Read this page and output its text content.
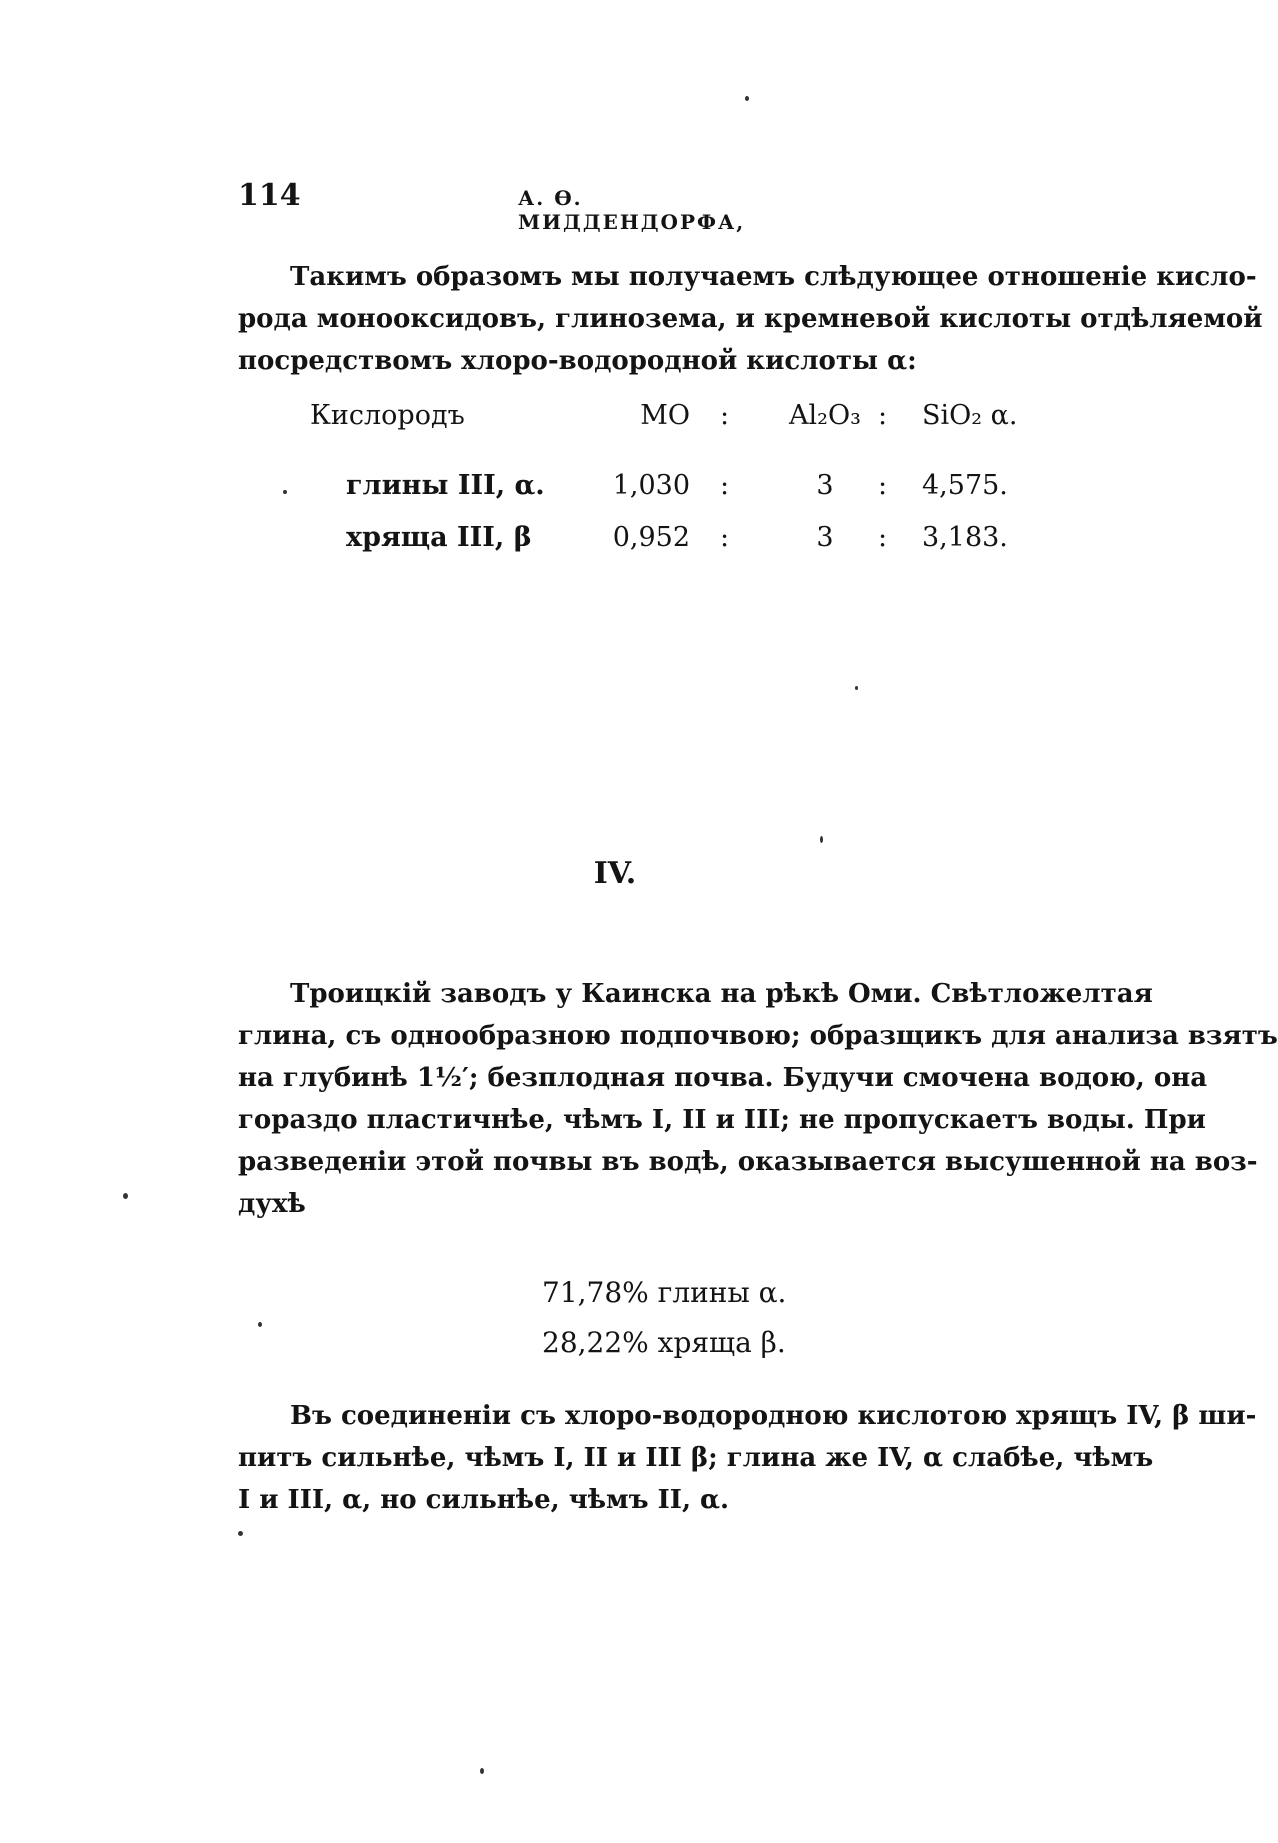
114	А. Ѳ. МИДДЕНДОРФА,
Такимъ образомъ мы получаемъ слѣдующее отношеніе кисло-
рода монооксидовъ, глинозема, и кремневой кислоты отдѣляемой
посредствомъ хлоро-водородной кислоты α:
Кислородъ	MO :	Al₂O₃ : SiO₂ α.
глины III, α.	1,030 :	3	: 4,575.
хряща III, β	0,952 :	3	: 3,183.
IV.
Троицкій заводъ у Каинска на рѣкѣ Оми. Свѣтложелтая
глина, съ однообразною подпочвою; образщикъ для анализа взятъ
на глубинѣ 1½′; безплодная почва. Будучи смочена водою, она
гораздо пластичнѣе, чѣмъ I, II и III; не пропускаетъ воды. При
разведеніи этой почвы въ водѣ, оказывается высушенной на воз-
духѣ
71,78% глины α.
28,22% хряща β.
Въ соединеніи съ хлоро-водородною кислотою хрящъ IV, β ши-
питъ сильнѣе, чѣмъ I, II и III β; глина же IV, α слабѣе, чѣмъ
I и III, α, но сильнѣе, чѣмъ II, α.
